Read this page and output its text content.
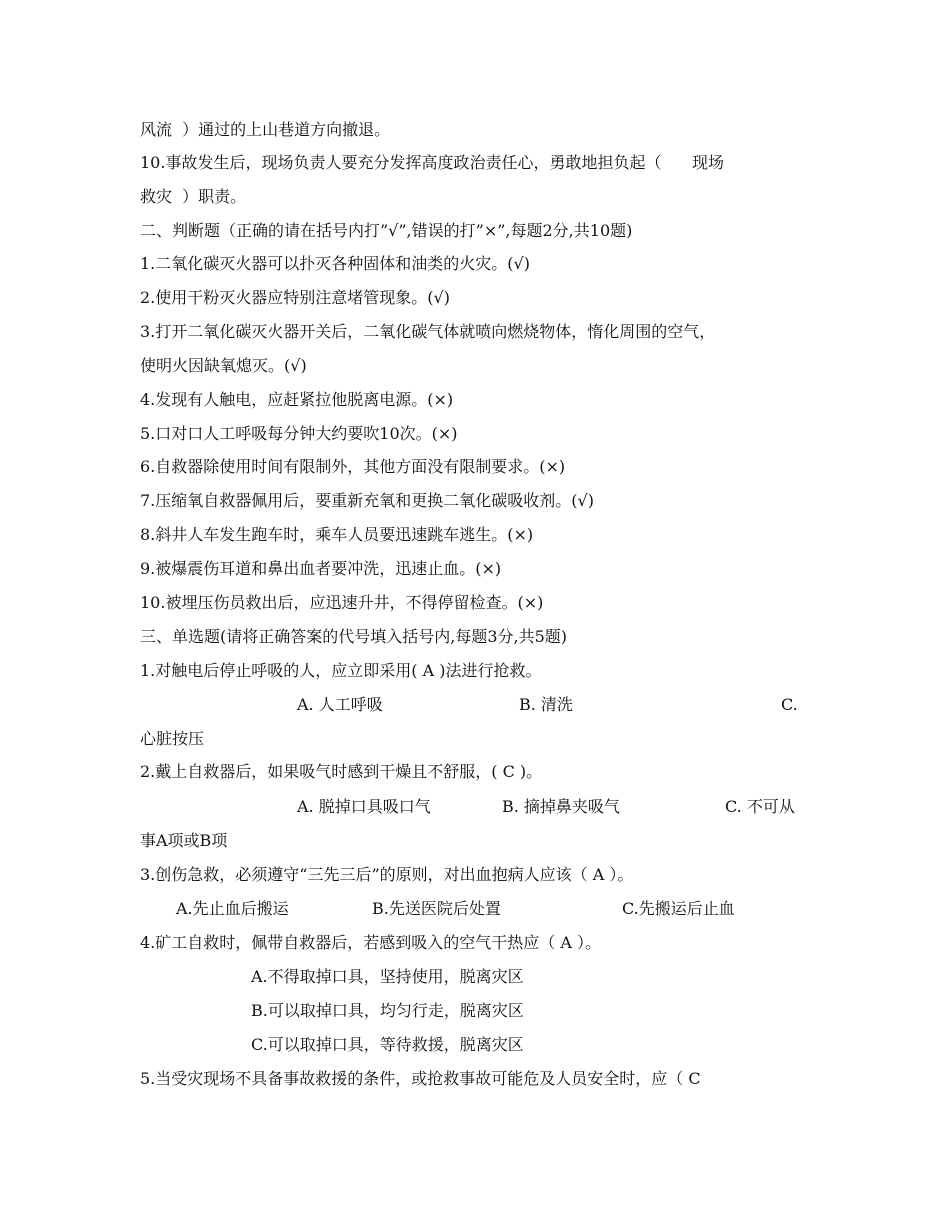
风流  ）通过的上山巷道方向撤退。
10.事故发生后，现场负责人要充分发挥高度政治责任心，勇敢地担负起（      现场
救灾  ）职责。
二、判断题（正确的请在括号内打”√”,错误的打”×”,每题2分,共10题)
1.二氧化碳灭火器可以扑灭各种固体和油类的火灾。(√)
2.使用干粉灭火器应特别注意堵管现象。(√)
3.打开二氧化碳灭火器开关后，二氧化碳气体就喷向燃烧物体，惰化周围的空气，
使明火因缺氧熄灭。(√)
4.发现有人触电，应赶紧拉他脱离电源。(×)
5.口对口人工呼吸每分钟大约要吹10次。(×)
6.自救器除使用时间有限制外，其他方面没有限制要求。(×)
7.压缩氧自救器佩用后，要重新充氧和更换二氧化碳吸收剂。(√)
8.斜井人车发生跑车时，乘车人员要迅速跳车逃生。(×)
9.被爆震伤耳道和鼻出血者要冲洗，迅速止血。(×)
10.被埋压伤员救出后，应迅速升井，不得停留检查。(×)
三、单选题(请将正确答案的代号填入括号内,每题3分,共5题)
1.对触电后停止呼吸的人，应立即采用( A )法进行抢救。
A. 人工呼吸	B. 清洗	C.
心脏按压
2.戴上自救器后，如果吸气时感到干燥且不舒服，( C )。
A. 脱掉口具吸口气	B. 摘掉鼻夹吸气	C. 不可从
事A项或B项
3.创伤急救，必须遵守“三先三后”的原则，对出血抱病人应该（ A ）。
A.先止血后搬运	B.先送医院后处置	C.先搬运后止血
4.矿工自救时，佩带自救器后，若感到吸入的空气干热应（ A ）。
A.不得取掉口具，坚持使用，脱离灾区
B.可以取掉口具，均匀行走，脱离灾区
C.可以取掉口具，等待救援，脱离灾区
5.当受灾现场不具备事故救援的条件，或抢救事故可能危及人员安全时，应（ C
